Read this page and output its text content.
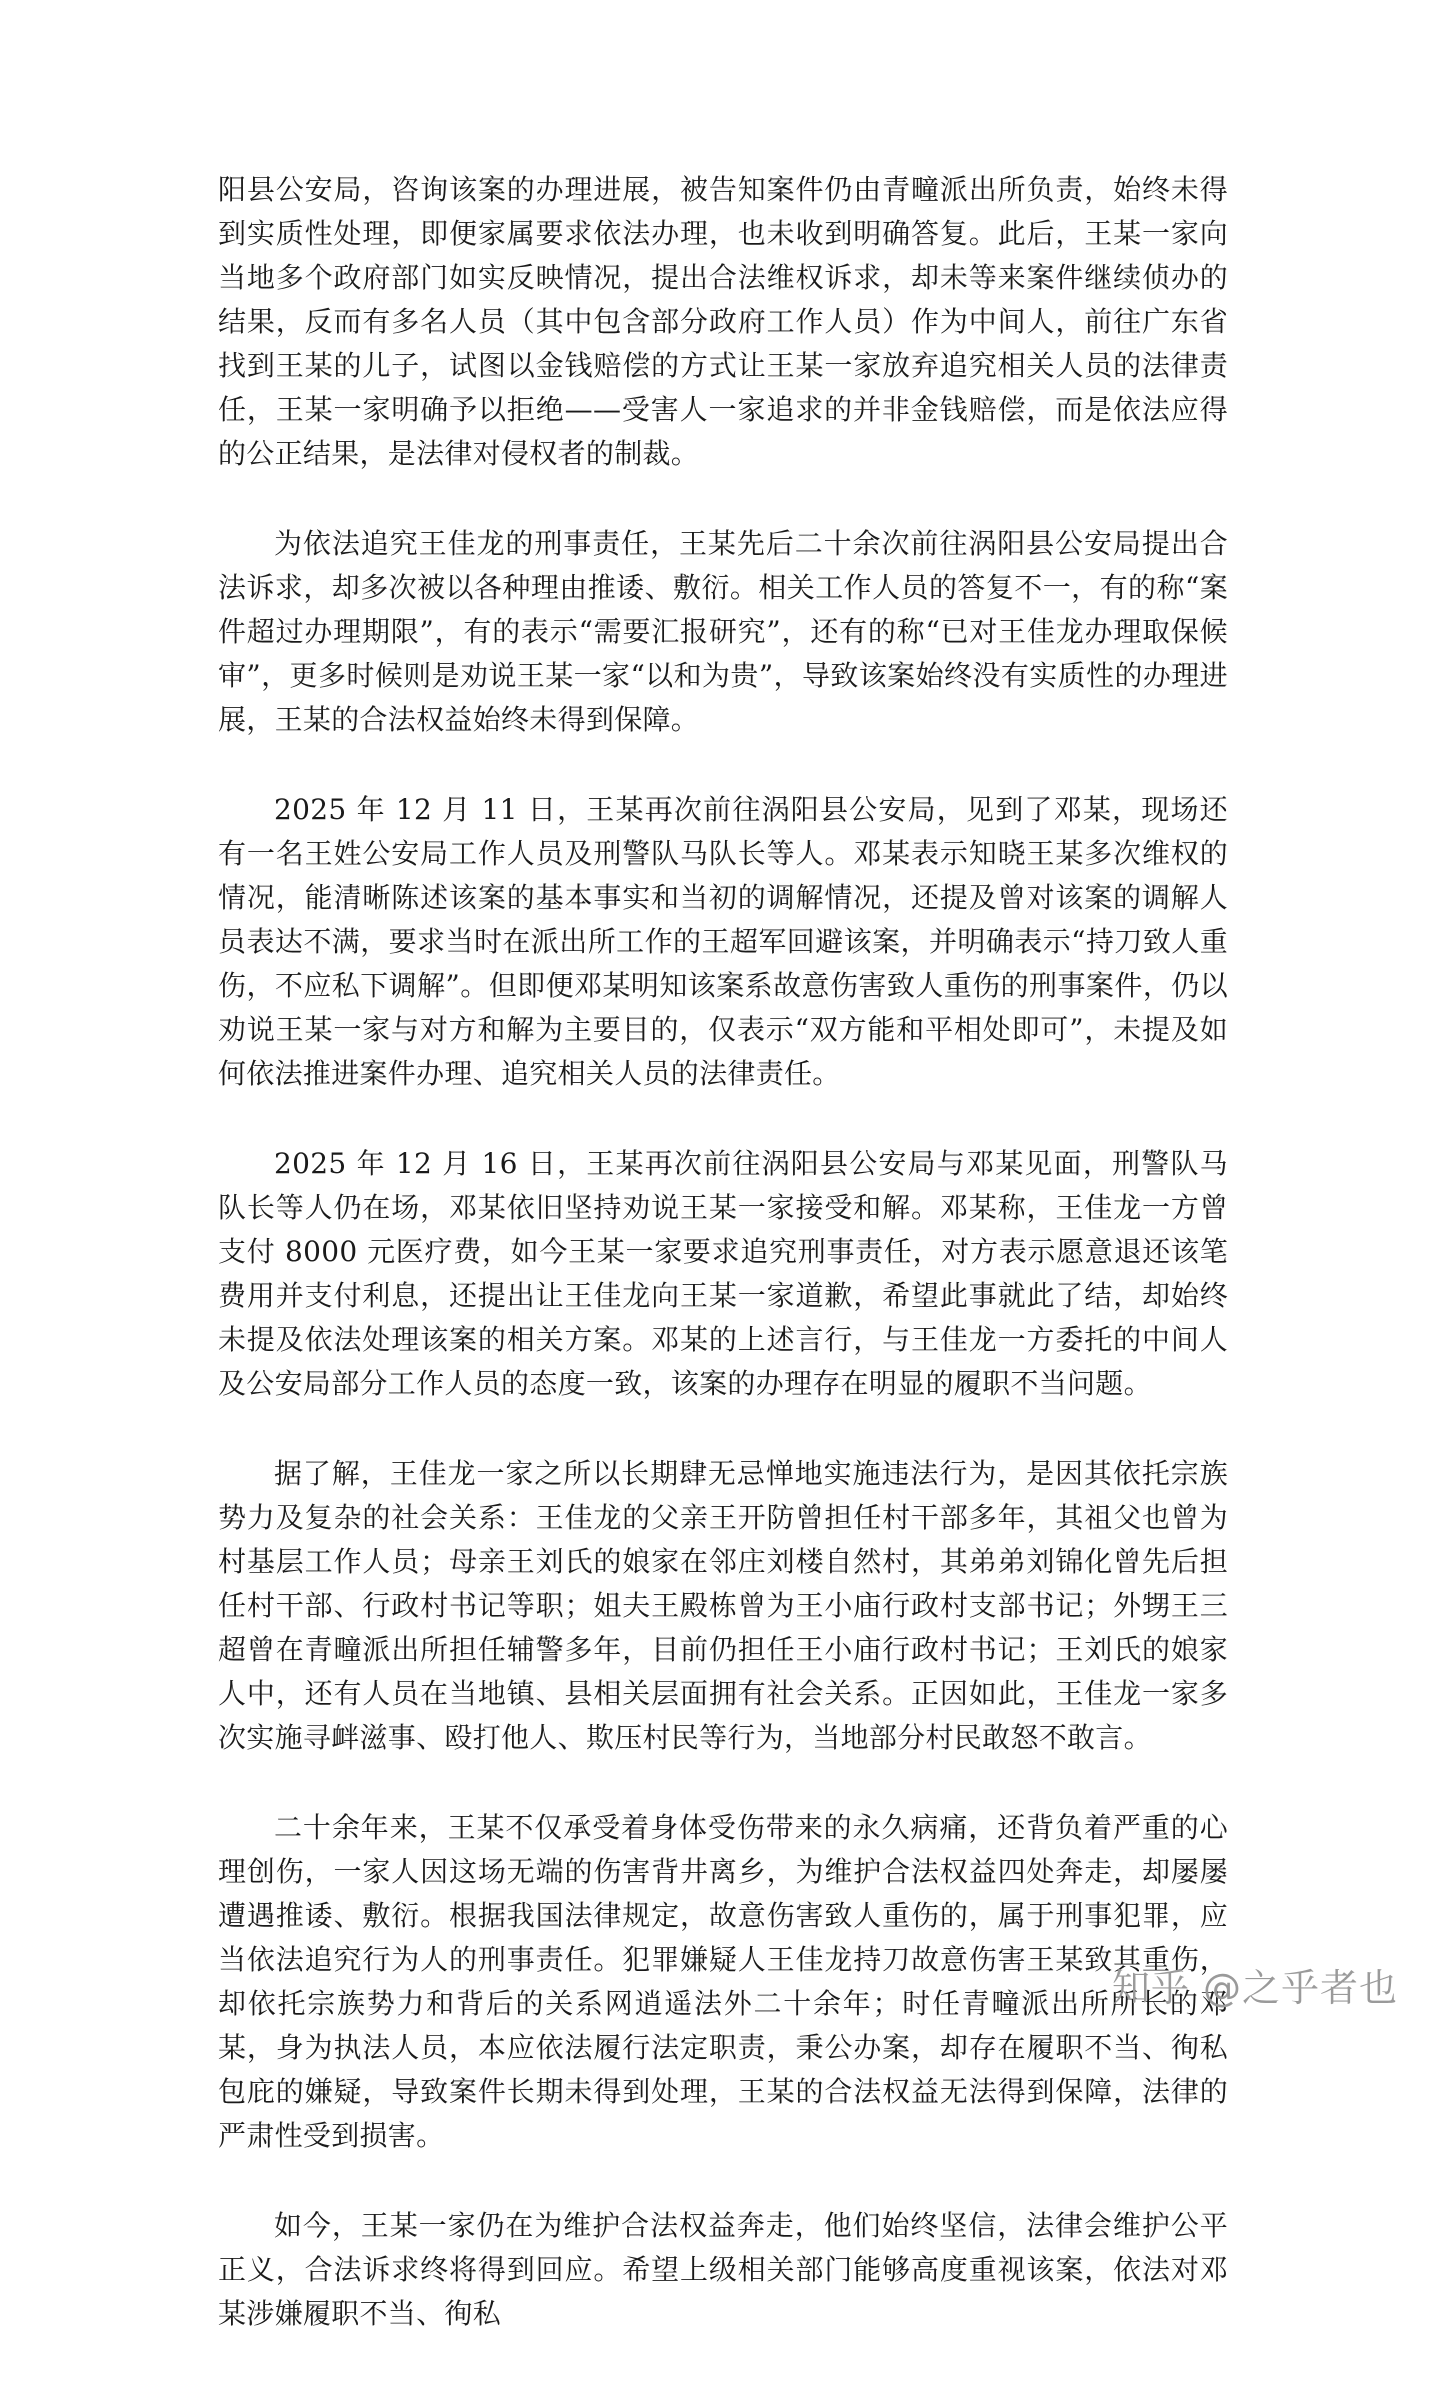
阳县公安局，咨询该案的办理进展，被告知案件仍由青疃派出所负责，始终未得到实质性处理，即便家属要求依法办理，也未收到明确答复。此后，王某一家向当地多个政府部门如实反映情况，提出合法维权诉求，却未等来案件继续侦办的结果，反而有多名人员（其中包含部分政府工作人员）作为中间人，前往广东省找到王某的儿子，试图以金钱赔偿的方式让王某一家放弃追究相关人员的法律责任，王某一家明确予以拒绝——受害人一家追求的并非金钱赔偿，而是依法应得的公正结果，是法律对侵权者的制裁。

为依法追究王佳龙的刑事责任，王某先后二十余次前往涡阳县公安局提出合法诉求，却多次被以各种理由推诿、敷衍。相关工作人员的答复不一，有的称“案件超过办理期限”，有的表示“需要汇报研究”，还有的称“已对王佳龙办理取保候审”，更多时候则是劝说王某一家“以和为贵”，导致该案始终没有实质性的办理进展，王某的合法权益始终未得到保障。

2025 年 12 月 11 日，王某再次前往涡阳县公安局，见到了邓某，现场还有一名王姓公安局工作人员及刑警队马队长等人。邓某表示知晓王某多次维权的情况，能清晰陈述该案的基本事实和当初的调解情况，还提及曾对该案的调解人员表达不满，要求当时在派出所工作的王超军回避该案，并明确表示“持刀致人重伤，不应私下调解”。但即便邓某明知该案系故意伤害致人重伤的刑事案件，仍以劝说王某一家与对方和解为主要目的，仅表示“双方能和平相处即可”，未提及如何依法推进案件办理、追究相关人员的法律责任。

2025 年 12 月 16 日，王某再次前往涡阳县公安局与邓某见面，刑警队马队长等人仍在场，邓某依旧坚持劝说王某一家接受和解。邓某称，王佳龙一方曾支付 8000 元医疗费，如今王某一家要求追究刑事责任，对方表示愿意退还该笔费用并支付利息，还提出让王佳龙向王某一家道歉，希望此事就此了结，却始终未提及依法处理该案的相关方案。邓某的上述言行，与王佳龙一方委托的中间人及公安局部分工作人员的态度一致，该案的办理存在明显的履职不当问题。

据了解，王佳龙一家之所以长期肆无忌惮地实施违法行为，是因其依托宗族势力及复杂的社会关系：王佳龙的父亲王开防曾担任村干部多年，其祖父也曾为村基层工作人员；母亲王刘氏的娘家在邻庄刘楼自然村，其弟弟刘锦化曾先后担任村干部、行政村书记等职；姐夫王殿栋曾为王小庙行政村支部书记；外甥王三超曾在青疃派出所担任辅警多年，目前仍担任王小庙行政村书记；王刘氏的娘家人中，还有人员在当地镇、县相关层面拥有社会关系。正因如此，王佳龙一家多次实施寻衅滋事、殴打他人、欺压村民等行为，当地部分村民敢怒不敢言。

二十余年来，王某不仅承受着身体受伤带来的永久病痛，还背负着严重的心理创伤，一家人因这场无端的伤害背井离乡，为维护合法权益四处奔走，却屡屡遭遇推诿、敷衍。根据我国法律规定，故意伤害致人重伤的，属于刑事犯罪，应当依法追究行为人的刑事责任。犯罪嫌疑人王佳龙持刀故意伤害王某致其重伤，却依托宗族势力和背后的关系网逍遥法外二十余年；时任青疃派出所所长的邓某，身为执法人员，本应依法履行法定职责，秉公办案，却存在履职不当、徇私包庇的嫌疑，导致案件长期未得到处理，王某的合法权益无法得到保障，法律的严肃性受到损害。

如今，王某一家仍在为维护合法权益奔走，他们始终坚信，法律会维护公平正义，合法诉求终将得到回应。希望上级相关部门能够高度重视该案，依法对邓某涉嫌履职不当、徇私

知乎 @之乎者也
